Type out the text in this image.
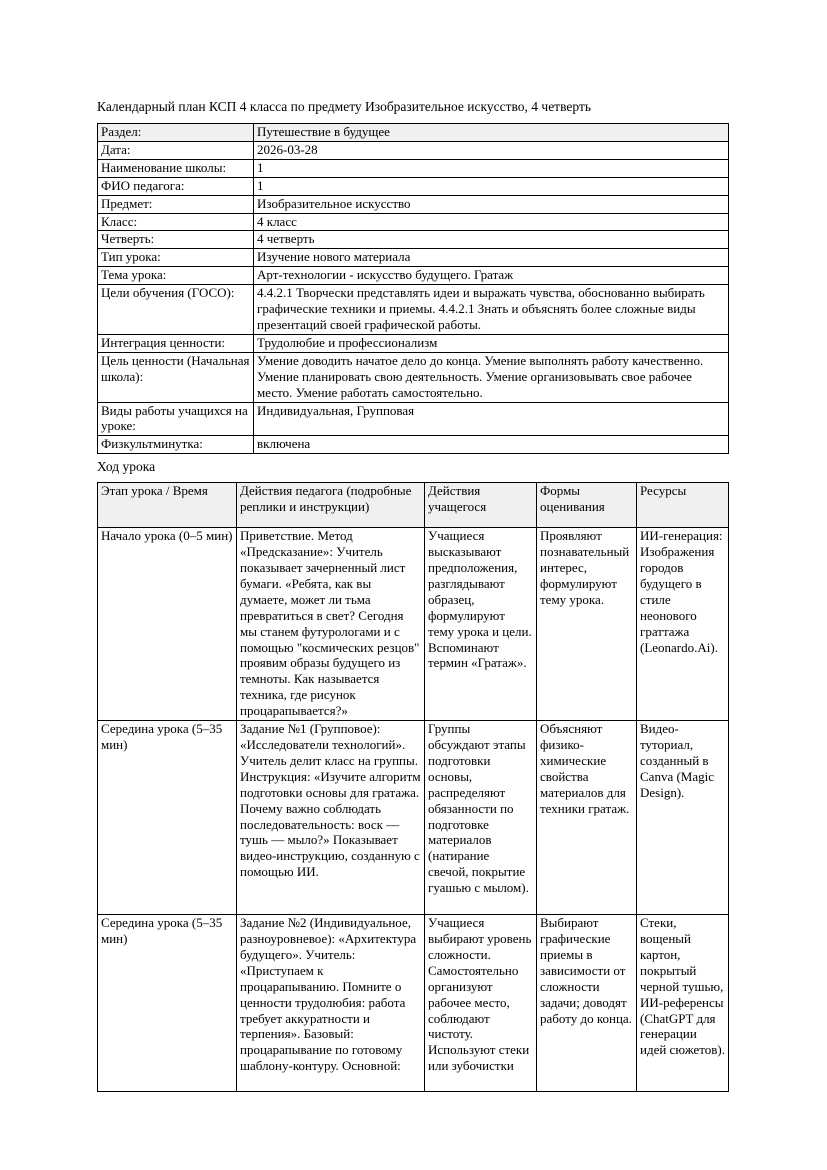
Календарный план КСП 4 класса по предмету Изобразительное искусство, 4 четверть

Раздел:	Путешествие в будущее
Дата:	2026-03-28
Наименование школы:	1
ФИО педагога:	1
Предмет:	Изобразительное искусство
Класс:	4 класс
Четверть:	4 четверть
Тип урока:	Изучение нового материала
Тема урока:	Арт-технологии - искусство будущего. Гратаж
Цели обучения (ГОСО):	4.4.2.1 Творчески представлять идеи и выражать чувства, обоснованно выбирать графические техники и приемы. 4.4.2.1 Знать и объяснять более сложные виды презентаций своей графической работы.
Интеграция ценности:	Трудолюбие и профессионализм
Цель ценности (Начальная школа):	Умение доводить начатое дело до конца. Умение выполнять работу качественно. Умение планировать свою деятельность. Умение организовывать свое рабочее место. Умение работать самостоятельно.
Виды работы учащихся на уроке:	Индивидуальная, Групповая
Физкультминутка:	включена

Ход урока

Этап урока / Время	Действия педагога (подробные реплики и инструкции)	Действия учащегося	Формы оценивания	Ресурсы
Начало урока (0–5 мин)	Приветствие. Метод «Предсказание»: Учитель показывает зачерненный лист бумаги. «Ребята, как вы думаете, может ли тьма превратиться в свет? Сегодня мы станем футурологами и с помощью "космических резцов" проявим образы будущего из темноты. Как называется техника, где рисунок процарапывается?»	Учащиеся высказывают предположения, разглядывают образец, формулируют тему урока и цели. Вспоминают термин «Гратаж».	Проявляют познавательный интерес, формулируют тему урока.	ИИ-генерация: Изображения городов будущего в стиле неонового граттажа (Leonardo.Ai).
Середина урока (5–35 мин)	Задание №1 (Групповое): «Исследователи технологий». Учитель делит класс на группы. Инструкция: «Изучите алгоритм подготовки основы для гратажа. Почему важно соблюдать последовательность: воск — тушь — мыло?» Показывает видео-инструкцию, созданную с помощью ИИ.	Группы обсуждают этапы подготовки основы, распределяют обязанности по подготовке материалов (натирание свечой, покрытие гуашью с мылом).	Объясняют физико-химические свойства материалов для техники гратаж.	Видео-туториал, созданный в Canva (Magic Design).
Середина урока (5–35 мин)	Задание №2 (Индивидуальное, разноуровневое): «Архитектура будущего». Учитель: «Приступаем к процарапыванию. Помните о ценности трудолюбия: работа требует аккуратности и терпения». Базовый: процарапывание по готовому шаблону-контуру. Основной:	Учащиеся выбирают уровень сложности. Самостоятельно организуют рабочее место, соблюдают чистоту. Используют стеки или зубочистки	Выбирают графические приемы в зависимости от сложности задачи; доводят работу до конца.	Стеки, вощеный картон, покрытый черной тушью, ИИ-референсы (ChatGPT для генерации идей сюжетов).
